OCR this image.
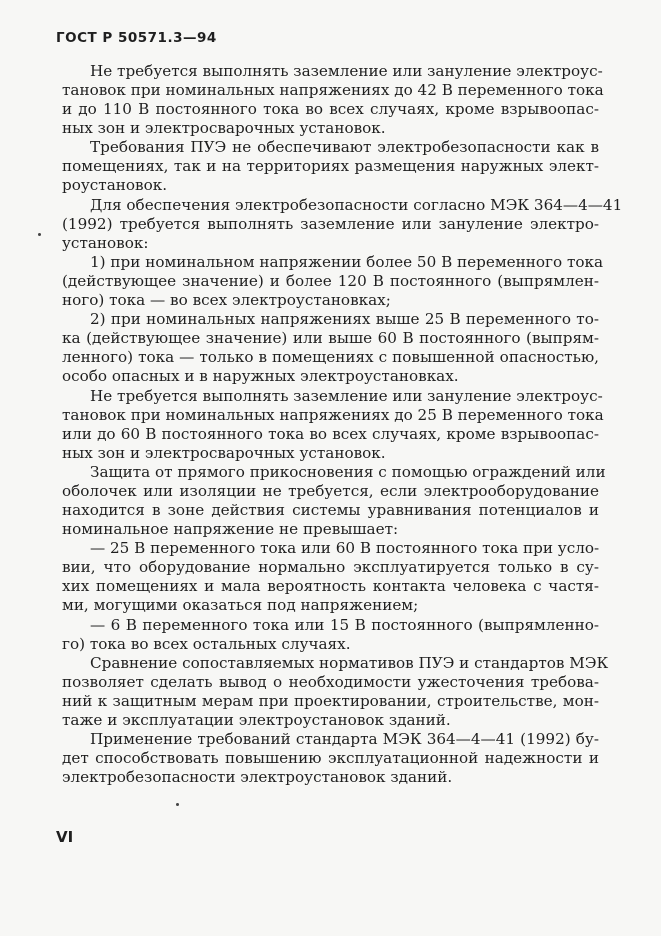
ГОСТ Р 50571.3—94
Не требуется выполнять заземление или зануление электроус-
тановок при номинальных напряжениях до 42 В переменного тока
и до 110 В постоянного тока во всех случаях, кроме взрывоопас-
ных зон и электросварочных установок.
Требования ПУЭ не обеспечивают электробезопасности как в
помещениях, так и на территориях размещения наружных элект-
роустановок.
Для обеспечения электробезопасности согласно МЭК 364—4—41
(1992) требуется выполнять заземление или зануление электро-
установок:
1) при номинальном напряжении более 50 В переменного тока
(действующее значение) и более 120 В постоянного (выпрямлен-
ного) тока — во всех электроустановках;
2) при номинальных напряжениях выше 25 В переменного то-
ка (действующее значение) или выше 60 В постоянного (выпрям-
ленного) тока — только в помещениях с повышенной опасностью,
особо опасных и в наружных электроустановках.
Не требуется выполнять заземление или зануление электроус-
тановок при номинальных напряжениях до 25 В переменного тока
или до 60 В постоянного тока во всех случаях, кроме взрывоопас-
ных зон и электросварочных установок.
Защита от прямого прикосновения с помощью ограждений или
оболочек или изоляции не требуется, если электрооборудование
находится в зоне действия системы уравнивания потенциалов и
номинальное напряжение не превышает:
— 25 В переменного тока или 60 В постоянного тока при усло-
вии, что оборудование нормально эксплуатируется только в су-
хих помещениях и мала вероятность контакта человека с частя-
ми, могущими оказаться под напряжением;
— 6 В переменного тока или 15 В постоянного (выпрямленно-
го) тока во всех остальных случаях.
Сравнение сопоставляемых нормативов ПУЭ и стандартов МЭК
позволяет сделать вывод о необходимости ужесточения требова-
ний к защитным мерам при проектировании, строительстве, мон-
таже и эксплуатации электроустановок зданий.
Применение требований стандарта МЭК 364—4—41 (1992) бу-
дет способствовать повышению эксплуатационной надежности и
электробезопасности электроустановок зданий.
VI
